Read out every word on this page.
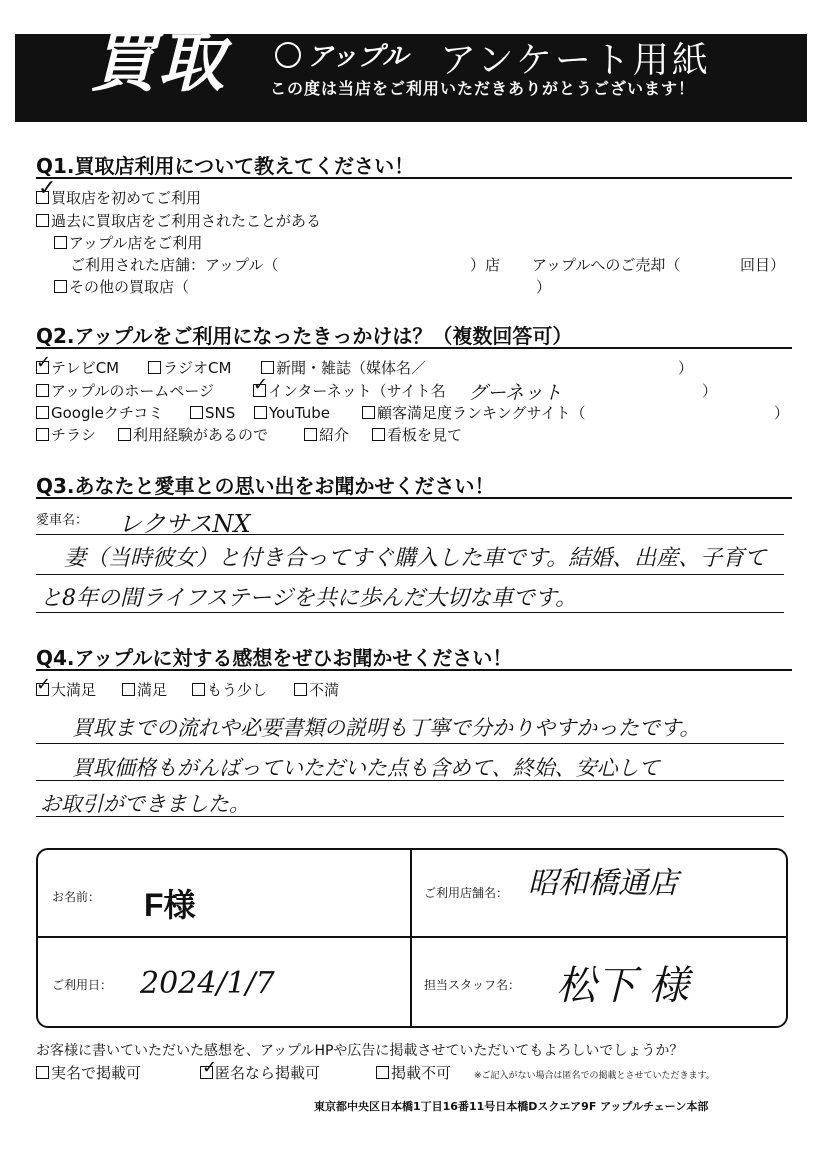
買取	アップル アンケート用紙
この度は当店をご利用いただきありがとうございます！
Q1.買取店利用について教えてください！
買取店を初めてご利用
✓
過去に買取店をご利用されたことがある
アップル店をご利用
ご利用された店舗：アップル（	）店 アップルへのご売却（	回目）
その他の買取店（	）
Q2.アップルをご利用になったきっかけは？（複数回答可）
テレビCM
✓	ラジオCM	新聞・雑誌（媒体名／	）
アップルのホームページ	インターネット（サイト名
✓	グーネット	）
Googleクチコミ	SNS	YouTube	顧客満足度ランキングサイト（	）
チラシ	利用経験があるので	紹介	看板を見て
Q3.あなたと愛車との思い出をお聞かせください！
愛車名： レクサスNX
妻（当時彼女）と付き合ってすぐ購入した車です。結婚、出産、子育て
と8年の間ライフステージを共に歩んだ大切な車です。
Q4.アップルに対する感想をぜひお聞かせください！
大満足
✓	満足	もう少し	不満
買取までの流れや必要書類の説明も丁寧で分かりやすかったです。
買取価格もがんばっていただいた点も含めて、終始、安心して
お取引ができました。
お名前： F様	ご利用店舗名： 昭和橋通店
ご利用日： 2024/1/7	担当スタッフ名： 松下 様
お客様に書いていただいた感想を、アップルHPや広告に掲載させていただいてもよろしいでしょうか？
実名で掲載可	匿名なら掲載可
✓	掲載不可	※ご記入がない場合は匿名での掲載とさせていただきます。
東京都中央区日本橋1丁目16番11号日本橋Dスクエア9F アップルチェーン本部
